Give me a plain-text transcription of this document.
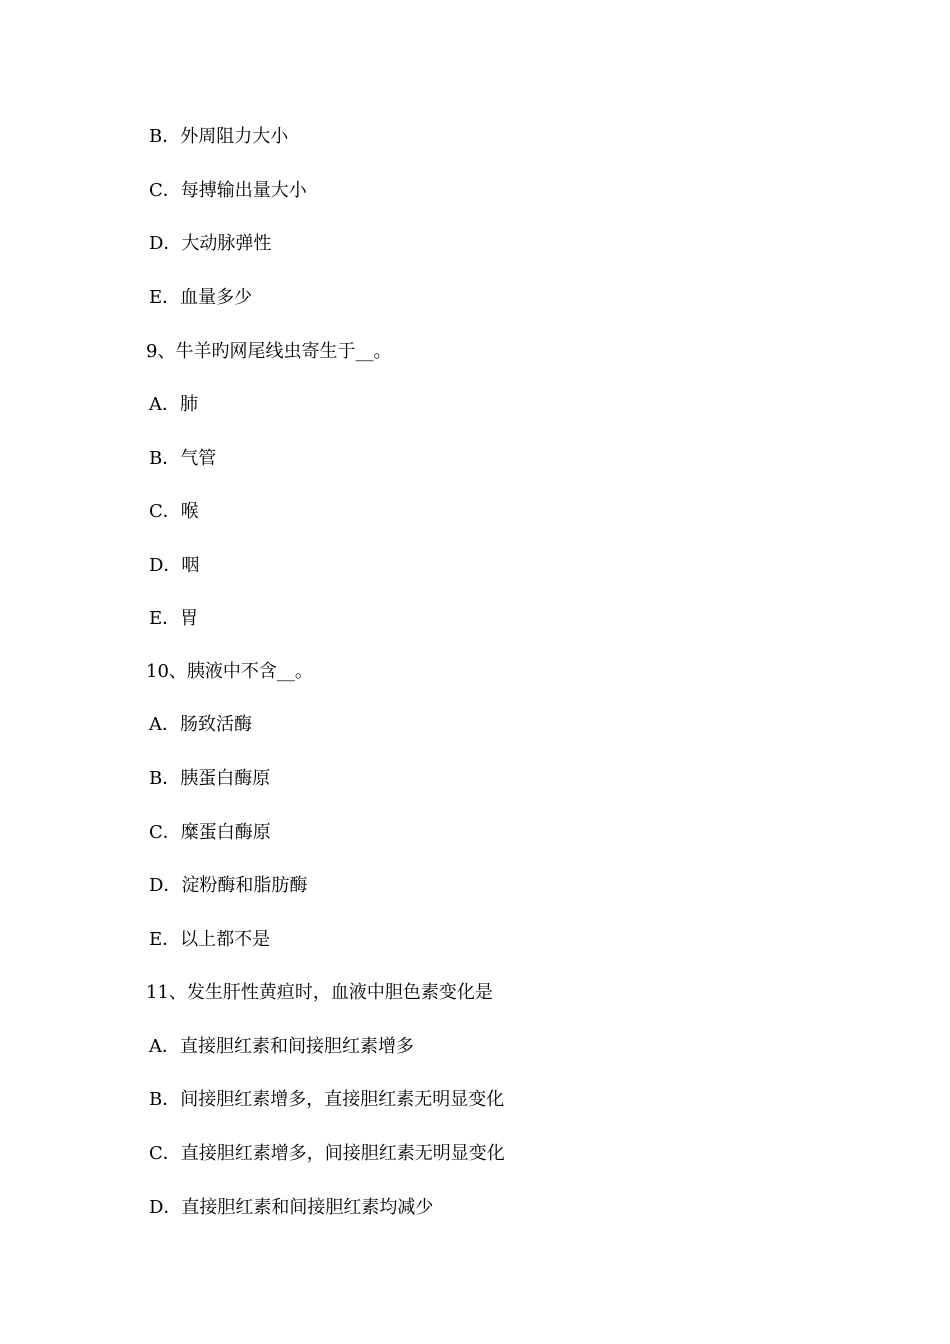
B．外周阻力大小
C．每搏输出量大小
D．大动脉弹性
E．血量多少
9、牛羊旳网尾线虫寄生于__。
A．肺
B．气管
C．喉
D．咽
E．胃
10、胰液中不含__。
A．肠致活酶
B．胰蛋白酶原
C．糜蛋白酶原
D．淀粉酶和脂肪酶
E．以上都不是
11、发生肝性黄疸时，血液中胆色素变化是
A．直接胆红素和间接胆红素增多
B．间接胆红素增多，直接胆红素无明显变化
C．直接胆红素增多，间接胆红素无明显变化
D．直接胆红素和间接胆红素均减少
